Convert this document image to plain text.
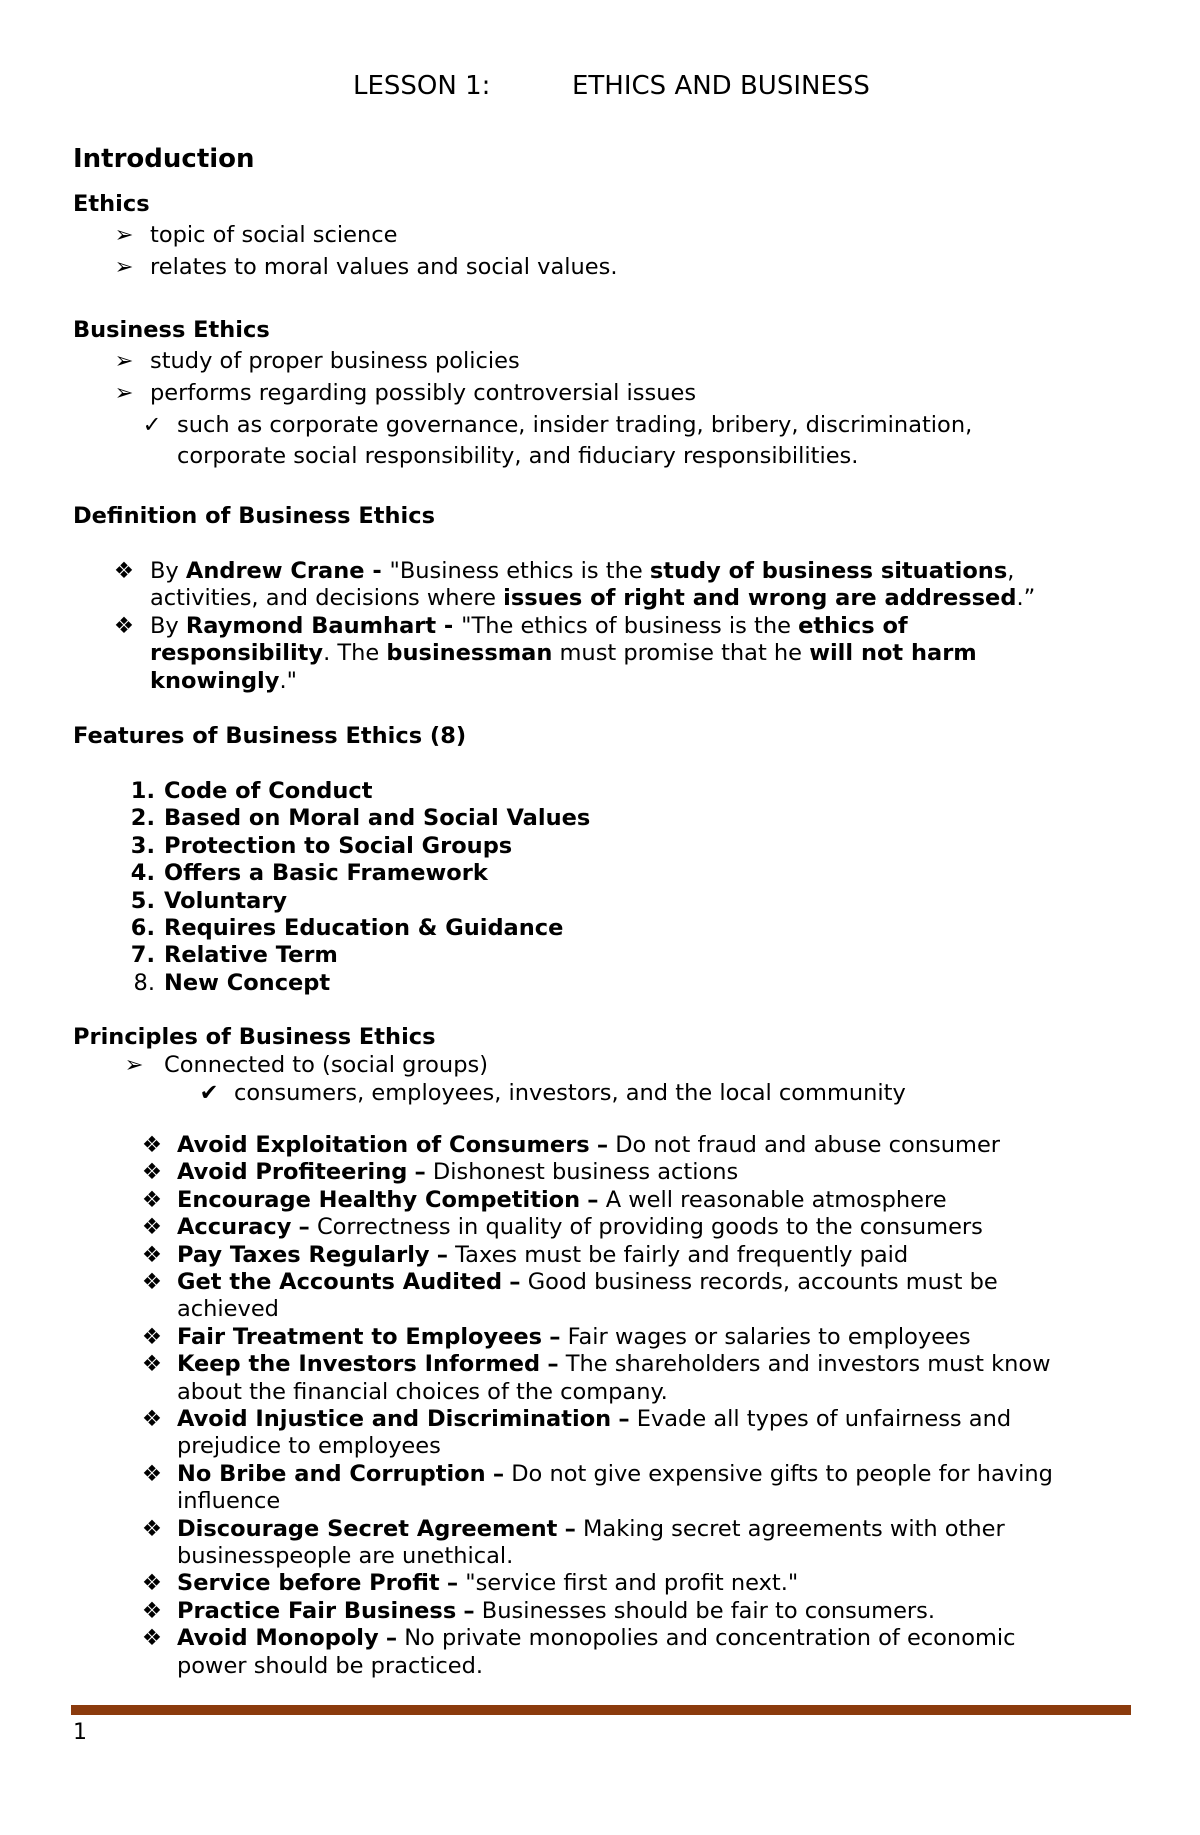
LESSON 1:	ETHICS AND BUSINESS
Introduction
Ethics
➢ topic of social science
➢ relates to moral values and social values.
Business Ethics
➢ study of proper business policies
➢ performs regarding possibly controversial issues
✓ such as corporate governance, insider trading, bribery, discrimination,
corporate social responsibility, and fiduciary responsibilities.
Definition of Business Ethics
❖ By Andrew Crane - "Business ethics is the study of business situations,
activities, and decisions where issues of right and wrong are addressed.”
❖ By Raymond Baumhart - "The ethics of business is the ethics of
responsibility. The businessman must promise that he will not harm
knowingly."
Features of Business Ethics (8)
1. Code of Conduct
2. Based on Moral and Social Values
3. Protection to Social Groups
4. Offers a Basic Framework
5. Voluntary
6. Requires Education & Guidance
7. Relative Term
8. New Concept
Principles of Business Ethics
➢ Connected to (social groups)
✔ consumers, employees, investors, and the local community
❖ Avoid Exploitation of Consumers – Do not fraud and abuse consumer
❖ Avoid Profiteering – Dishonest business actions
❖ Encourage Healthy Competition – A well reasonable atmosphere
❖ Accuracy – Correctness in quality of providing goods to the consumers
❖ Pay Taxes Regularly – Taxes must be fairly and frequently paid
❖ Get the Accounts Audited – Good business records, accounts must be
achieved
❖ Fair Treatment to Employees – Fair wages or salaries to employees
❖ Keep the Investors Informed – The shareholders and investors must know
about the financial choices of the company.
❖ Avoid Injustice and Discrimination – Evade all types of unfairness and
prejudice to employees
❖ No Bribe and Corruption – Do not give expensive gifts to people for having
influence
❖ Discourage Secret Agreement – Making secret agreements with other
businesspeople are unethical.
❖ Service before Profit – "service first and profit next."
❖ Practice Fair Business – Businesses should be fair to consumers.
❖ Avoid Monopoly – No private monopolies and concentration of economic
power should be practiced.
1
